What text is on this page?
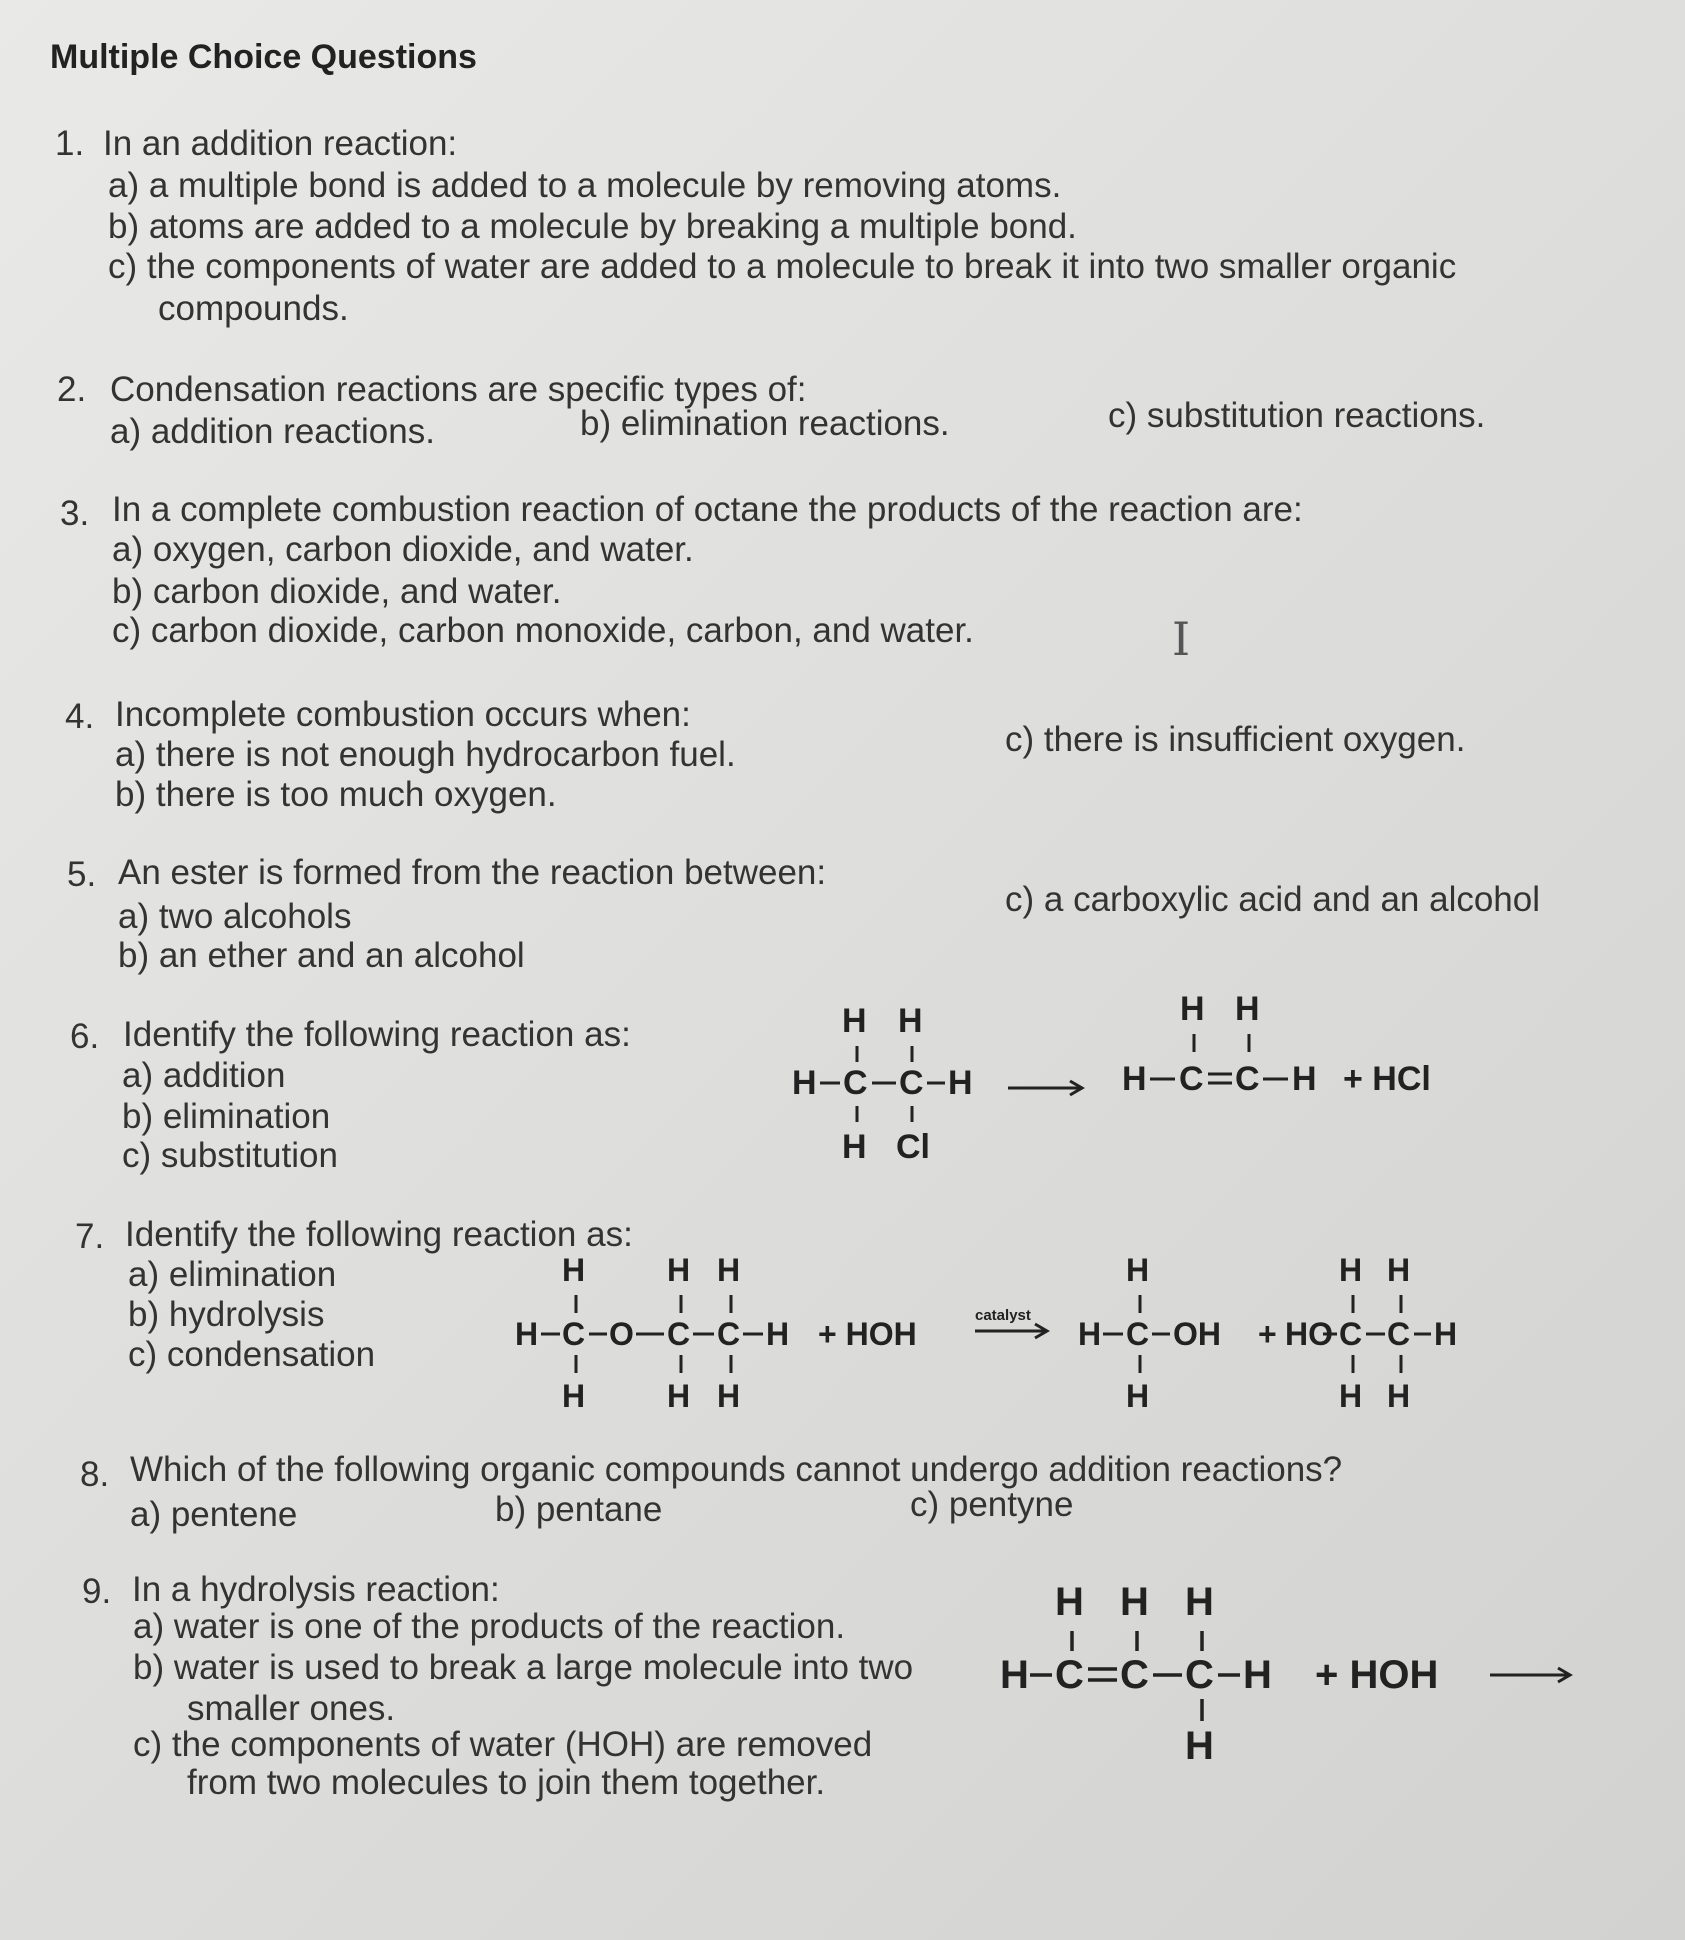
Multiple Choice Questions
1. In an addition reaction:
a) a multiple bond is added to a molecule by removing atoms.
b) atoms are added to a molecule by breaking a multiple bond.
c) the components of water are added to a molecule to break it into two smaller organic
compounds.
2. Condensation reactions are specific types of:
a) addition reactions.	b) elimination reactions.	c) substitution reactions.
3. In a complete combustion reaction of octane the products of the reaction are:
a) oxygen, carbon dioxide, and water.
b) carbon dioxide, and water.
c) carbon dioxide, carbon monoxide, carbon, and water.	I
4. Incomplete combustion occurs when:
a) there is not enough hydrocarbon fuel.
b) there is too much oxygen.
c) there is insufficient oxygen.
5. An ester is formed from the reaction between:
a) two alcohols
b) an ether and an alcohol
c) a carboxylic acid and an alcohol
6. Identify the following reaction as:
a) addition
b) elimination
c) substitution
H H
H C C H
H Cl
H H
H C C H + HCl
7. Identify the following reaction as:
a) elimination
b) hydrolysis
c) condensation
H	H H
H C O C C H
H	H H
+ HOH
catalyst
H
H C OH
H
+
H H
HO C C H
H H
8. Which of the following organic compounds cannot undergo addition reactions?
a) pentene	b) pentane	c) pentyne
9. In a hydrolysis reaction:
a) water is one of the products of the reaction.
b) water is used to break a large molecule into two
smaller ones.
c) the components of water (HOH) are removed
from two molecules to join them together.
H H H
H C C C H
H
+ HOH
